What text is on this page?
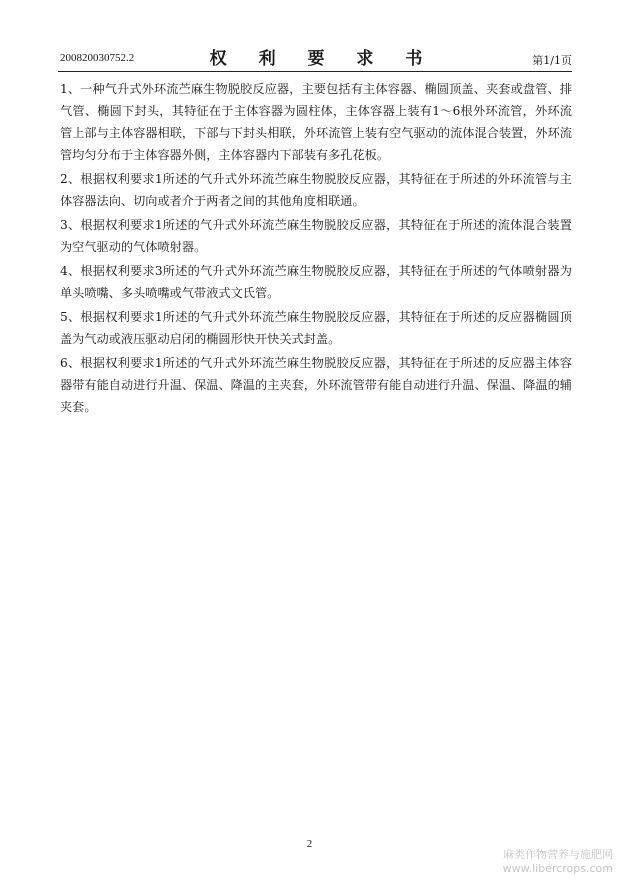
200820030752.2	权 利 要 求 书	第1/1页

1、一种气升式外环流苎麻生物脱胶反应器，主要包括有主体容器、椭圆顶盖、夹套或盘管、排气管、椭圆下封头，其特征在于主体容器为圆柱体，主体容器上装有1～6根外环流管，外环流管上部与主体容器相联，下部与下封头相联，外环流管上装有空气驱动的流体混合装置，外环流管均匀分布于主体容器外侧，主体容器内下部装有多孔花板。

2、根据权利要求1所述的气升式外环流苎麻生物脱胶反应器，其特征在于所述的外环流管与主体容器法向、切向或者介于两者之间的其他角度相联通。

3、根据权利要求1所述的气升式外环流苎麻生物脱胶反应器，其特征在于所述的流体混合装置为空气驱动的气体喷射器。

4、根据权利要求3所述的气升式外环流苎麻生物脱胶反应器，其特征在于所述的气体喷射器为单头喷嘴、多头喷嘴或气带液式文氏管。

5、根据权利要求1所述的气升式外环流苎麻生物脱胶反应器，其特征在于所述的反应器椭圆顶盖为气动或液压驱动启闭的椭圆形快开快关式封盖。

6、根据权利要求1所述的气升式外环流苎麻生物脱胶反应器，其特征在于所述的反应器主体容器带有能自动进行升温、保温、降温的主夹套，外环流管带有能自动进行升温、保温、降温的辅夹套。

2
麻类作物营养与施肥网
www.libercrops.com
